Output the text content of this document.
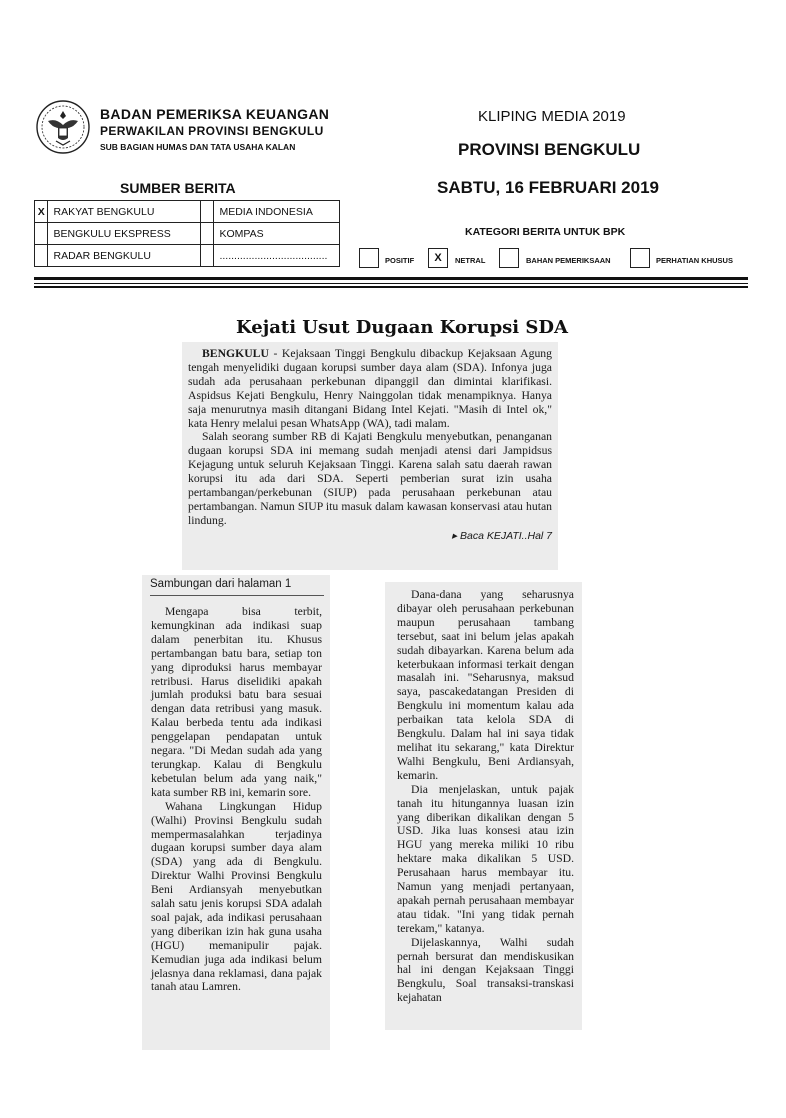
BADAN PEMERIKSA KEUANGAN
PERWAKILAN PROVINSI BENGKULU
SUB BAGIAN HUMAS DAN TATA USAHA KALAN
KLIPING MEDIA 2019
PROVINSI BENGKULU
SABTU, 16 FEBRUARI 2019
SUMBER BERITA
X	RAKYAT BENGKULU		MEDIA INDONESIA
	BENGKULU EKSPRESS		KOMPAS
	RADAR BENGKULU		.....................................
KATEGORI BERITA UNTUK BPK
POSITIF	X	NETRAL	BAHAN PEMERIKSAAN	PERHATIAN KHUSUS
Kejati Usut Dugaan Korupsi SDA

BENGKULU - Kejaksaan Tinggi Bengkulu dibackup Kejaksaan Agung tengah menyelidiki dugaan korupsi sumber daya alam (SDA). Infonya juga sudah ada perusahaan perkebunan dipanggil dan dimintai klarifikasi. Aspidsus Kejati Bengkulu, Henry Nainggolan tidak menampiknya. Hanya saja menurutnya masih ditangani Bidang Intel Kejati. "Masih di Intel ok," kata Henry melalui pesan WhatsApp (WA), tadi malam.

Salah seorang sumber RB di Kajati Bengkulu menyebutkan, penanganan dugaan korupsi SDA ini memang sudah menjadi atensi dari Jampidsus Kejagung untuk seluruh Kejaksaan Tinggi. Karena salah satu daerah rawan korupsi itu ada dari SDA. Seperti pemberian surat izin usaha pertambangan/perkebunan (SIUP) pada perusahaan perkebunan atau pertambangan. Namun SIUP itu masuk dalam kawasan konservasi atau hutan lindung.

▸ Baca KEJATI..Hal 7

Sambungan dari halaman 1

Mengapa bisa terbit, kemungkinan ada indikasi suap dalam penerbitan itu. Khusus pertambangan batu bara, setiap ton yang diproduksi harus membayar retribusi. Harus diselidiki apakah jumlah produksi batu bara sesuai dengan data retribusi yang masuk. Kalau berbeda tentu ada indikasi penggelapan pendapatan untuk negara. "Di Medan sudah ada yang terungkap. Kalau di Bengkulu kebetulan belum ada yang naik," kata sumber RB ini, kemarin sore.

Wahana Lingkungan Hidup (Walhi) Provinsi Bengkulu sudah mempermasalahkan terjadinya dugaan korupsi sumber daya alam (SDA) yang ada di Bengkulu. Direktur Walhi Provinsi Bengkulu Beni Ardiansyah menyebutkan salah satu jenis korupsi SDA adalah soal pajak, ada indikasi perusahaan yang diberikan izin hak guna usaha (HGU) memanipulir pajak. Kemudian juga ada indikasi belum jelasnya dana reklamasi, dana pajak tanah atau Lamren.

Dana-dana yang seharusnya dibayar oleh perusahaan perkebunan maupun perusahaan tambang tersebut, saat ini belum jelas apakah sudah dibayarkan. Karena belum ada keterbukaan informasi terkait dengan masalah ini. "Seharusnya, maksud saya, pascakedatangan Presiden di Bengkulu ini momentum kalau ada perbaikan tata kelola SDA di Bengkulu. Dalam hal ini saya tidak melihat itu sekarang," kata Direktur Walhi Bengkulu, Beni Ardiansyah, kemarin.

Dia menjelaskan, untuk pajak tanah itu hitungannya luasan izin yang diberikan dikalikan dengan 5 USD. Jika luas konsesi atau izin HGU yang mereka miliki 10 ribu hektare maka dikalikan 5 USD. Perusahaan harus membayar itu. Namun yang menjadi pertanyaan, apakah pernah perusahaan membayar atau tidak. "Ini yang tidak pernah terekam," katanya.

Dijelaskannya, Walhi sudah pernah bersurat dan mendiskusikan hal ini dengan Kejaksaan Tinggi Bengkulu, Soal transaksi-transkasi kejahatan
